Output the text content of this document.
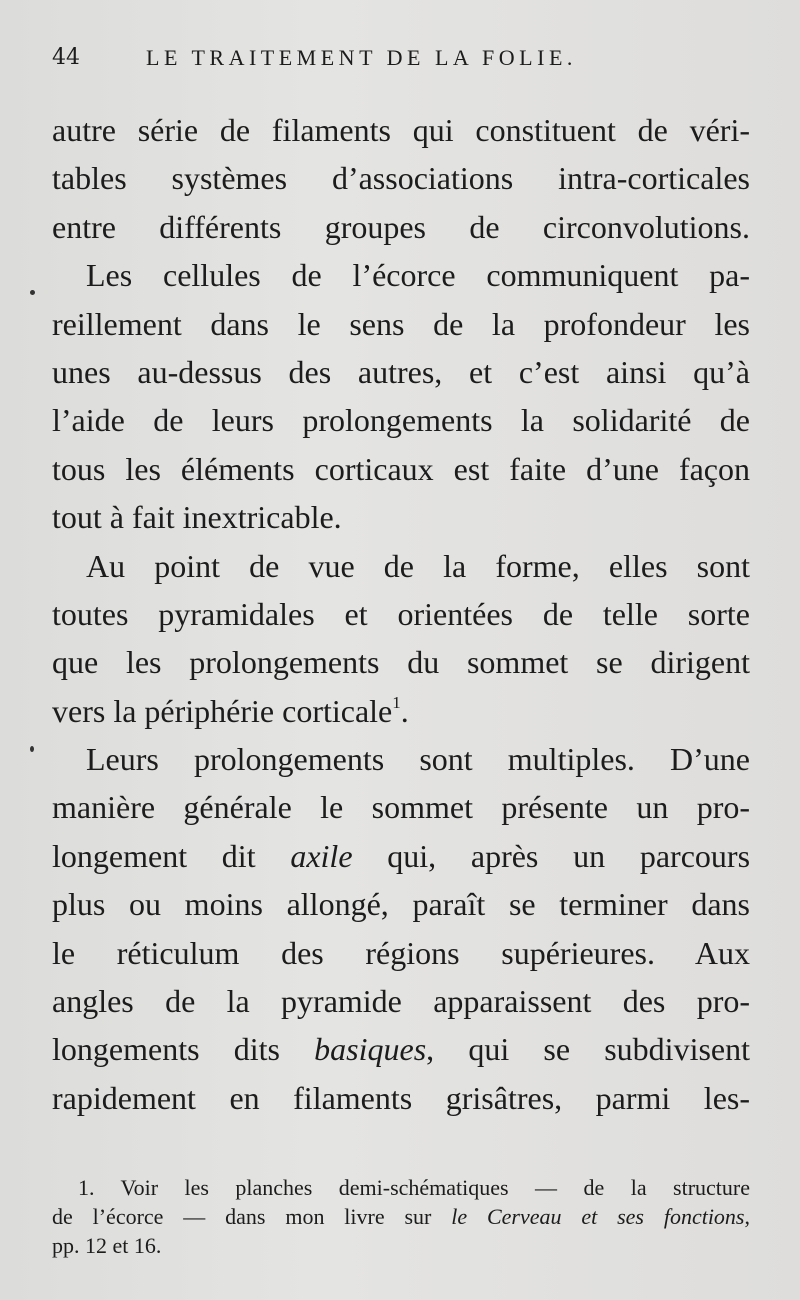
44	LE TRAITEMENT DE LA FOLIE.
autre série de filaments qui constituent de véri-
tables systèmes d’associations intra-corticales
entre différents groupes de circonvolutions.
Les cellules de l’écorce communiquent pa-
reillement dans le sens de la profondeur les
unes au-dessus des autres, et c’est ainsi qu’à
l’aide de leurs prolongements la solidarité de
tous les éléments corticaux est faite d’une façon
tout à fait inextricable.
Au point de vue de la forme, elles sont
toutes pyramidales et orientées de telle sorte
que les prolongements du sommet se dirigent
vers la périphérie corticale$^1$.
Leurs prolongements sont multiples. D’une
manière générale le sommet présente un pro-
longement dit axile qui, après un parcours
plus ou moins allongé, paraît se terminer dans
le réticulum des régions supérieures. Aux
angles de la pyramide apparaissent des pro-
longements dits basiques, qui se subdivisent
rapidement en filaments grisâtres, parmi les-
1. Voir les planches demi-schématiques — de la structure
de l’écorce — dans mon livre sur le Cerveau et ses fonctions,
pp. 12 et 16.
